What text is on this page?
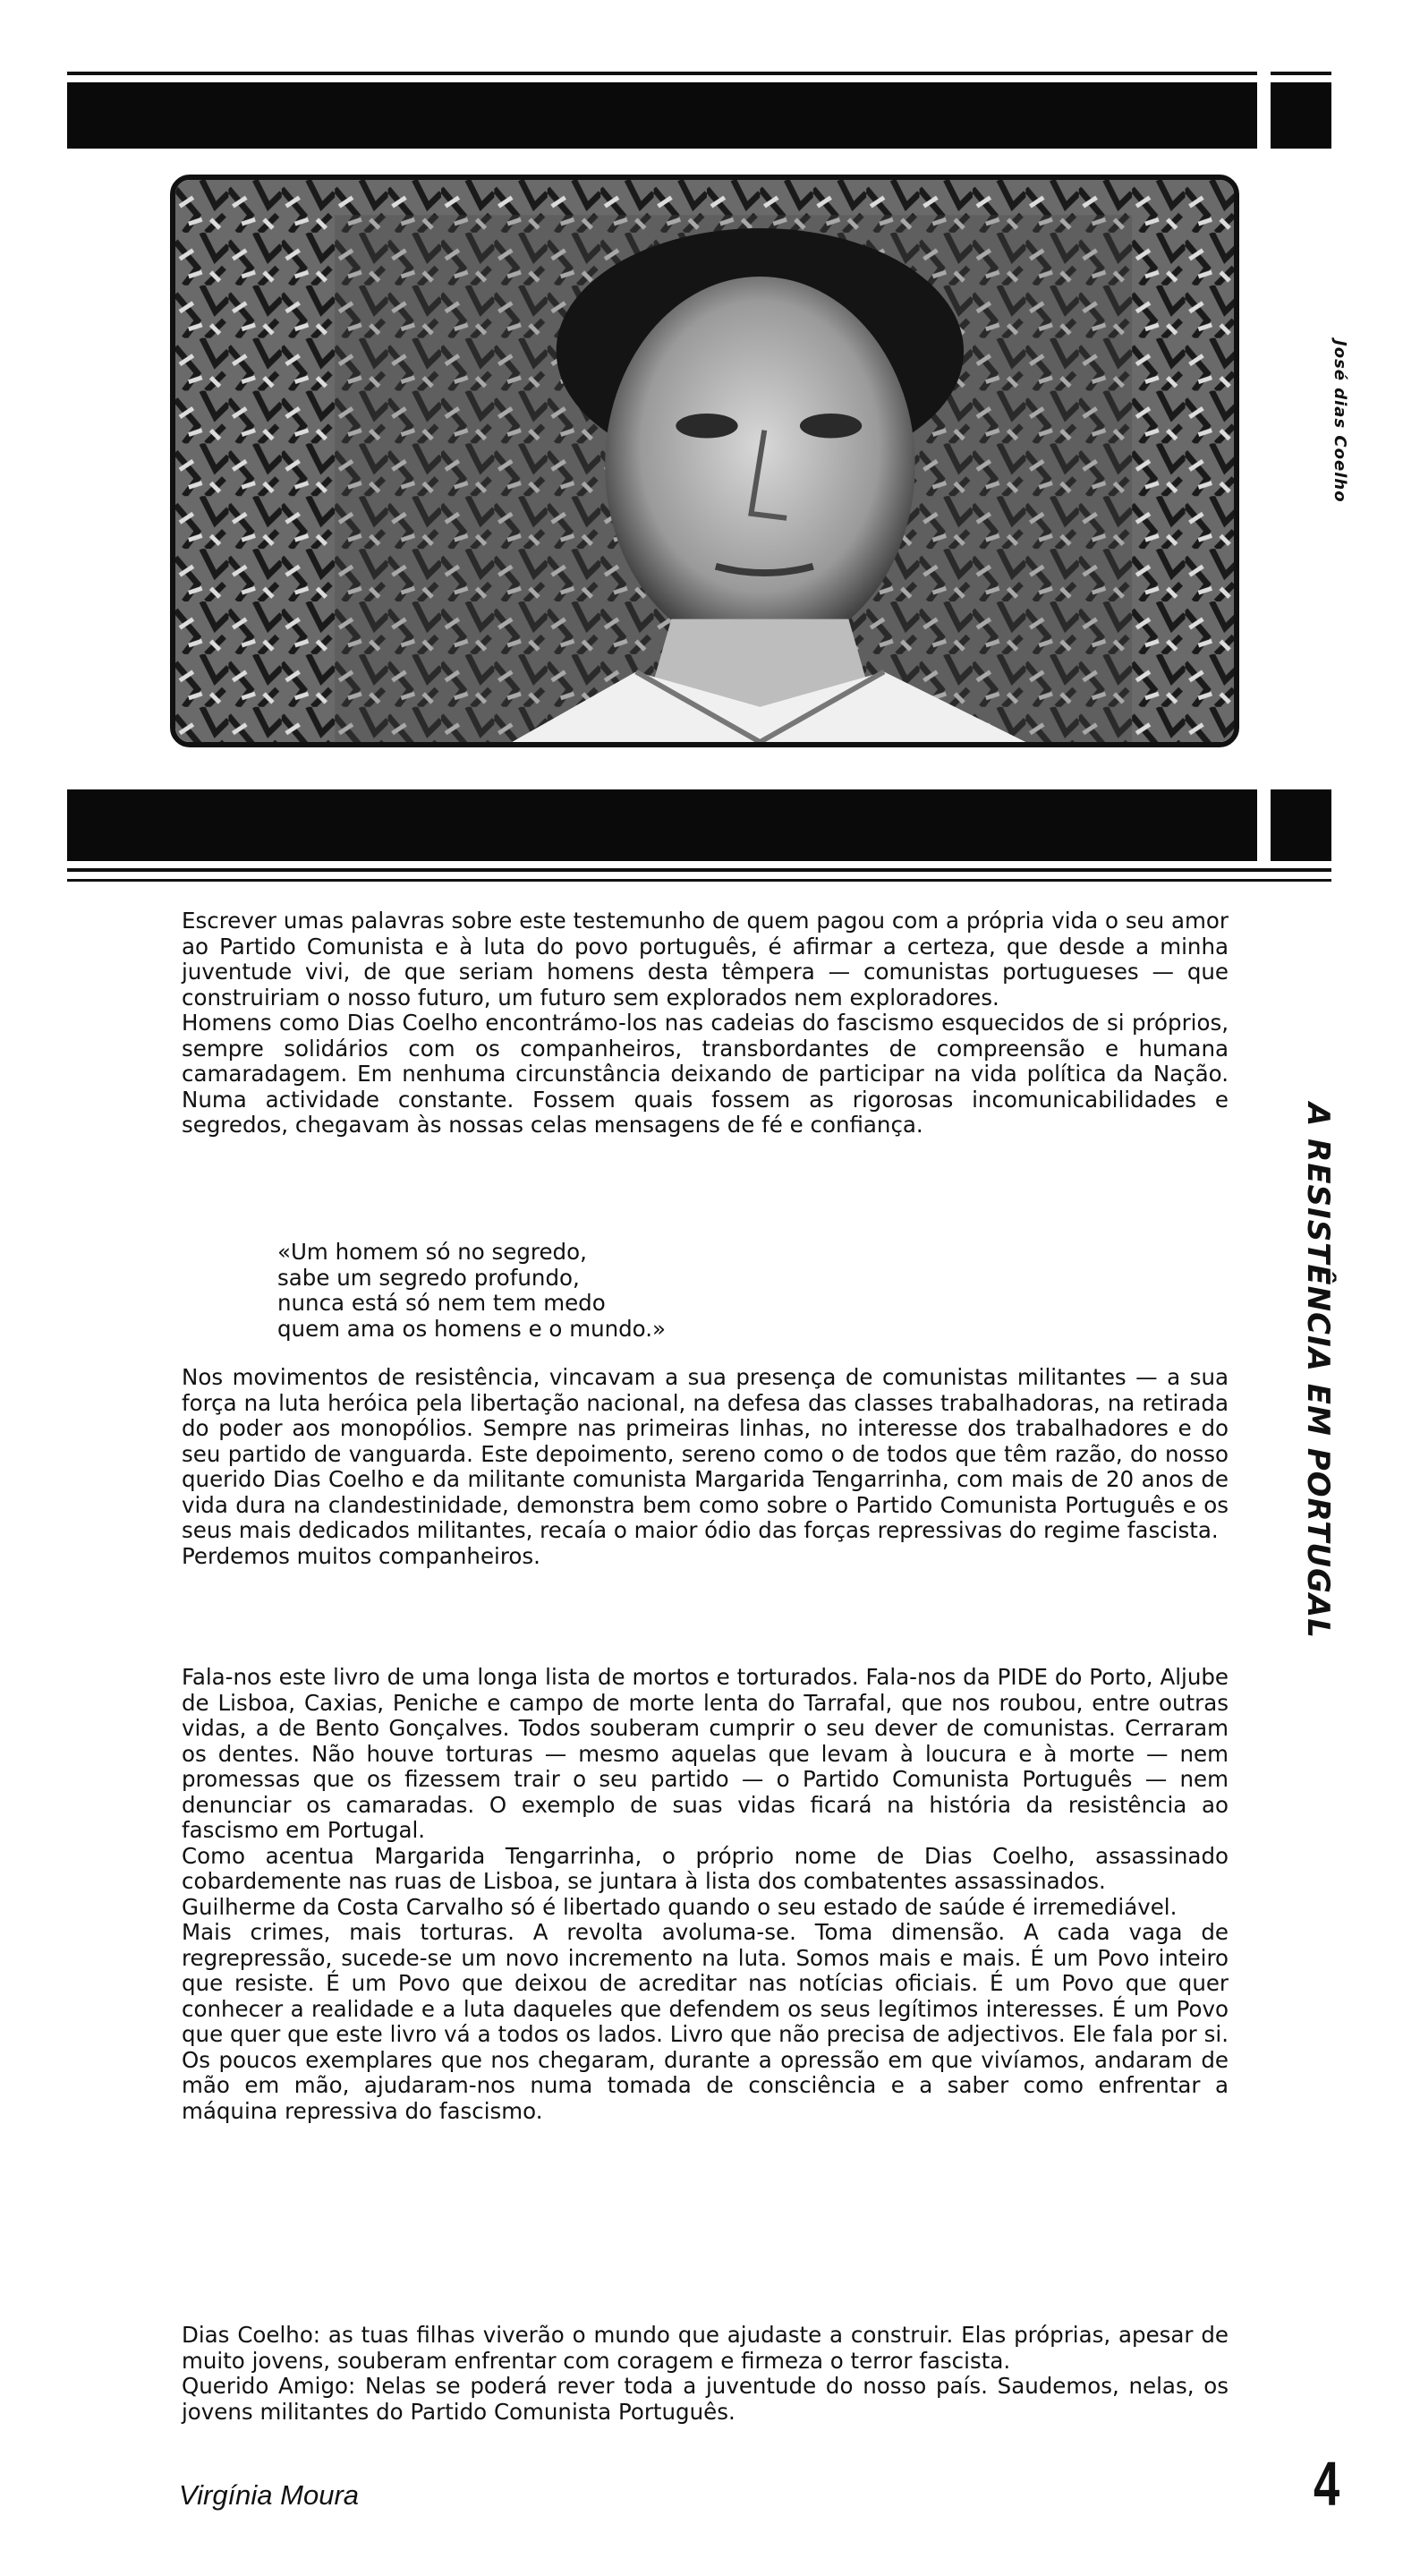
José dias Coelho
A RESISTÊNCIA EM PORTUGAL

Escrever umas palavras sobre este testemunho de quem pagou com a própria vida o seu amor ao Partido Comunista e à luta do povo português, é afirmar a certeza, que desde a minha juventude vivi, de que seriam homens desta têmpera — comunistas portugueses — que construiriam o nosso futuro, um futuro sem explorados nem exploradores.

Homens como Dias Coelho encontrámo-los nas cadeias do fascismo esquecidos de si próprios, sempre solidários com os companheiros, transbordantes de compreensão e humana camaradagem. Em nenhuma circunstância deixando de participar na vida política da Nação. Numa actividade constante. Fossem quais fossem as rigorosas incomunicabilidades e segredos, chegavam às nossas celas mensagens de fé e confiança.

«Um homem só no segredo,
sabe um segredo profundo,
nunca está só nem tem medo
quem ama os homens e o mundo.»

Nos movimentos de resistência, vincavam a sua presença de comunistas militantes — a sua força na luta heróica pela libertação nacional, na defesa das classes trabalhadoras, na retirada do poder aos monopólios. Sempre nas primeiras linhas, no interesse dos trabalhadores e do seu partido de vanguarda. Este depoimento, sereno como o de todos que têm razão, do nosso querido Dias Coelho e da militante comunista Margarida Tengarrinha, com mais de 20 anos de vida dura na clandestinidade, demonstra bem como sobre o Partido Comunista Português e os seus mais dedicados militantes, recaía o maior ódio das forças repressivas do regime fascista.

Perdemos muitos companheiros.

Fala-nos este livro de uma longa lista de mortos e torturados. Fala-nos da PIDE do Porto, Aljube de Lisboa, Caxias, Peniche e campo de morte lenta do Tarrafal, que nos roubou, entre outras vidas, a de Bento Gonçalves. Todos souberam cumprir o seu dever de comunistas. Cerraram os dentes. Não houve torturas — mesmo aquelas que levam à loucura e à morte — nem promessas que os fizessem trair o seu partido — o Partido Comunista Português — nem denunciar os camaradas. O exemplo de suas vidas ficará na história da resistência ao fascismo em Portugal.

Como acentua Margarida Tengarrinha, o próprio nome de Dias Coelho, assassinado cobardemente nas ruas de Lisboa, se juntara à lista dos combatentes assassinados.

Guilherme da Costa Carvalho só é libertado quando o seu estado de saúde é irremediável.

Mais crimes, mais torturas. A revolta avoluma-se. Toma dimensão. A cada vaga de regrepressão, sucede-se um novo incremento na luta. Somos mais e mais. É um Povo inteiro que resiste. É um Povo que deixou de acreditar nas notícias oficiais. É um Povo que quer conhecer a realidade e a luta daqueles que defendem os seus legítimos interesses. É um Povo que quer que este livro vá a todos os lados. Livro que não precisa de adjectivos. Ele fala por si. Os poucos exemplares que nos chegaram, durante a opressão em que vivíamos, andaram de mão em mão, ajudaram-nos numa tomada de consciência e a saber como enfrentar a máquina repressiva do fascismo.

Dias Coelho: as tuas filhas viverão o mundo que ajudaste a construir. Elas próprias, apesar de muito jovens, souberam enfrentar com coragem e firmeza o terror fascista.

Querido Amigo: Nelas se poderá rever toda a juventude do nosso país. Saudemos, nelas, os jovens militantes do Partido Comunista Português.

Virgínia Moura	4
